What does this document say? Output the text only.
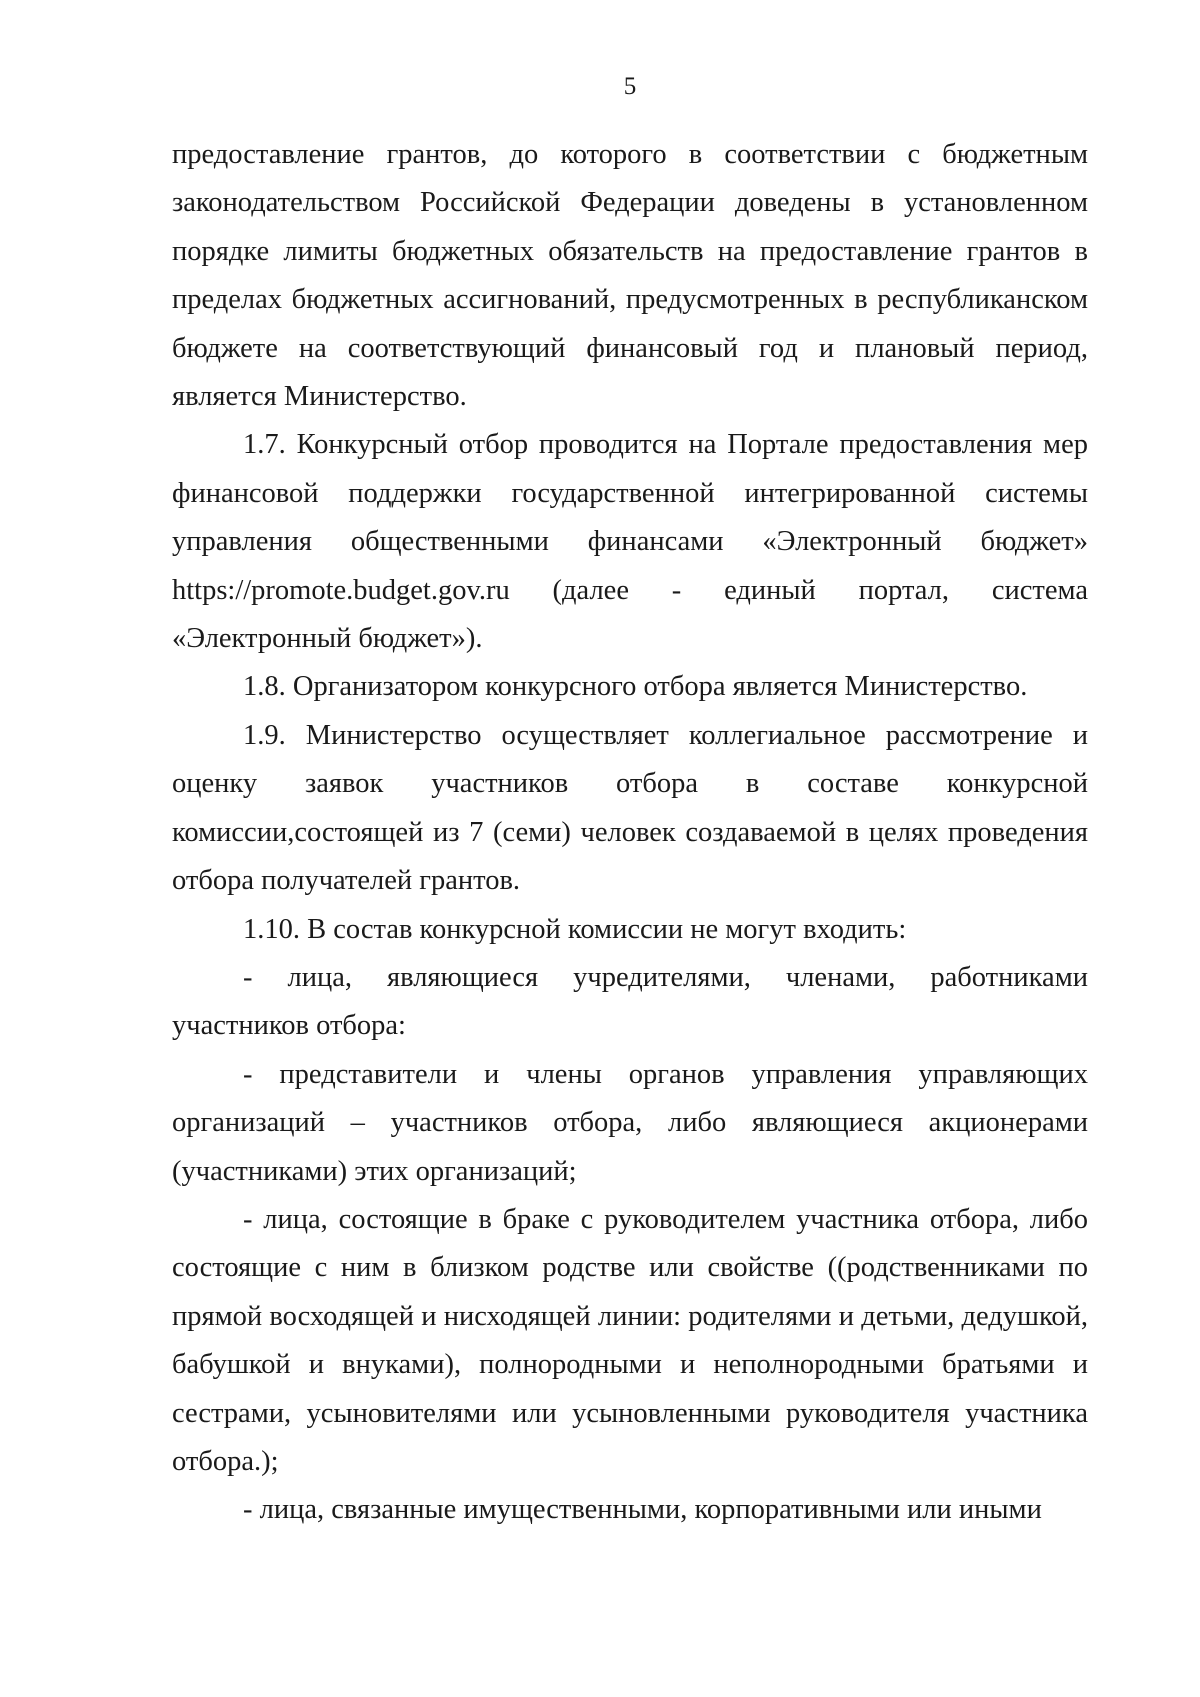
5

предоставление грантов, до которого в соответствии с бюджетным законодательством Российской Федерации доведены в установленном порядке лимиты бюджетных обязательств на предоставление грантов в пределах бюджетных ассигнований, предусмотренных в республиканском бюджете на соответствующий финансовый год и плановый период, является Министерство.

1.7. Конкурсный отбор проводится на Портале предоставления мер финансовой поддержки государственной интегрированной системы управления общественными финансами «Электронный бюджет» https://promote.budget.gov.ru (далее - единый портал, система «Электронный бюджет»).

1.8. Организатором конкурсного отбора является Министерство.

1.9. Министерство осуществляет коллегиальное рассмотрение и оценку заявок участников отбора в составе конкурсной комиссии,состоящей из 7 (семи) человек создаваемой в целях проведения отбора получателей грантов.

1.10. В состав конкурсной комиссии не могут входить:

- лица, являющиеся учредителями, членами, работниками участников отбора:

- представители и члены органов управления управляющих организаций – участников отбора, либо являющиеся акционерами (участниками) этих организаций;

- лица, состоящие в браке с руководителем участника отбора, либо состоящие с ним в близком родстве или свойстве ((родственниками по прямой восходящей и нисходящей линии: родителями и детьми, дедушкой, бабушкой и внуками), полнородными и неполнородными братьями и сестрами, усыновителями или усыновленными руководителя участника отбора.);

- лица, связанные имущественными, корпоративными или иными
